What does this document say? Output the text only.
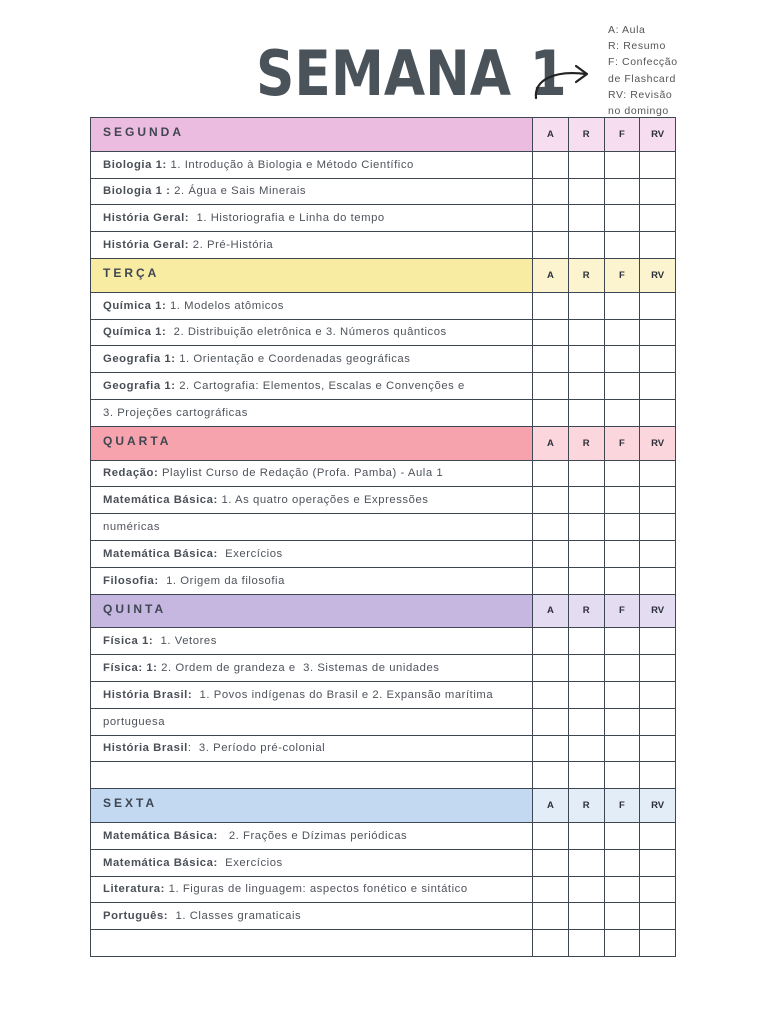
SEMANA 1
A: Aula
R: Resumo
F: Confecção
de Flashcard
RV: Revisão
no domingo
SEGUNDA	A	R	F	RV
Biologia 1: 1. Introdução à Biologia e Método Científico				
Biologia 1 : 2. Água e Sais Minerais				
História Geral:  1. Historiografia e Linha do tempo				
História Geral: 2. Pré-História				
TERÇA	A	R	F	RV
Química 1: 1. Modelos atômicos				
Química 1:  2. Distribuição eletrônica e 3. Números quânticos				
Geografia 1: 1. Orientação e Coordenadas geográficas				
Geografia 1: 2. Cartografia: Elementos, Escalas e Convenções e				
3. Projeções cartográficas				
QUARTA	A	R	F	RV
Redação: Playlist Curso de Redação (Profa. Pamba) - Aula 1				
Matemática Básica: 1. As quatro operações e Expressões				
numéricas				
Matemática Básica:  Exercícios				
Filosofia:  1. Origem da filosofia				
QUINTA	A	R	F	RV
Física 1:  1. Vetores				
Física: 1: 2. Ordem de grandeza e  3. Sistemas de unidades				
História Brasil:  1. Povos indígenas do Brasil e 2. Expansão marítima				
portuguesa				
História Brasil:  3. Período pré-colonial				

SEXTA	A	R	F	RV
Matemática Básica:   2. Frações e Dízimas periódicas				
Matemática Básica:  Exercícios				
Literatura: 1. Figuras de linguagem: aspectos fonético e sintático				
Português:  1. Classes gramaticais				
